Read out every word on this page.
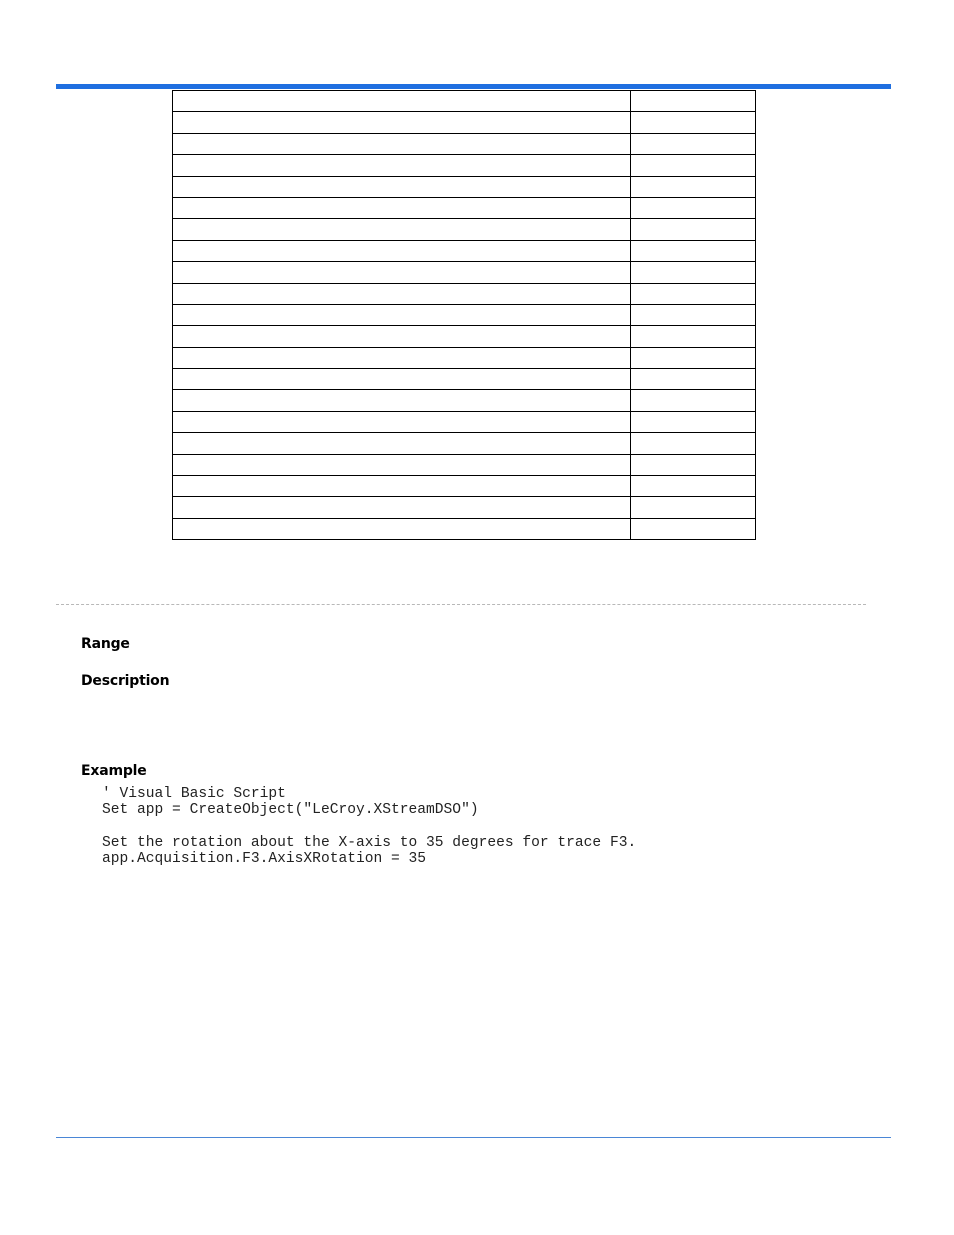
Range
Description
Example
' Visual Basic Script
Set app = CreateObject("LeCroy.XStreamDSO")

Set the rotation about the X-axis to 35 degrees for trace F3.
app.Acquisition.F3.AxisXRotation = 35
